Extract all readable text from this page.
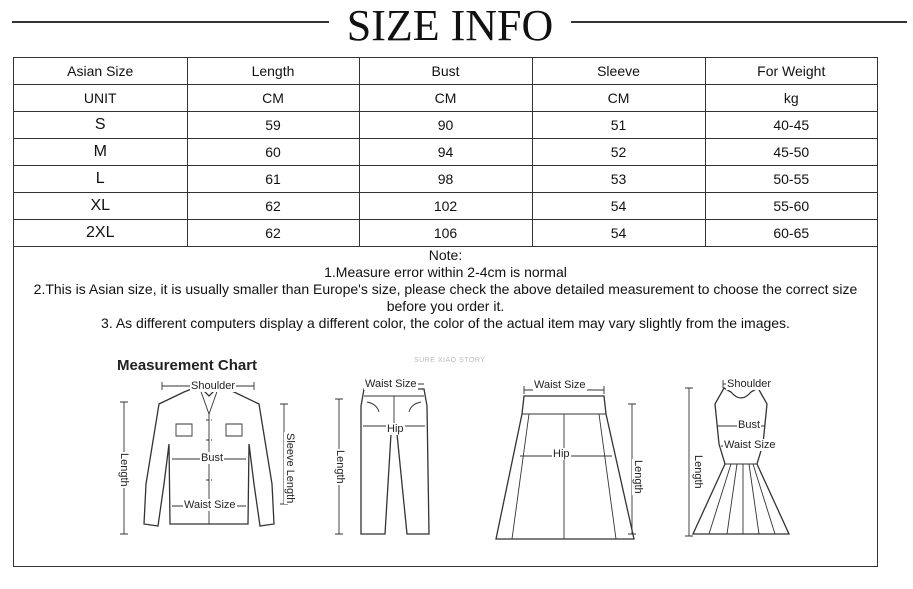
SIZE INFO
Asian Size	Length	Bust	Sleeve	For Weight
UNIT	CM	CM	CM	kg
S	59	90	51	40-45
M	60	94	52	45-50
L	61	98	53	50-55
XL	62	102	54	55-60
2XL	62	106	54	60-65
Note:
1.Measure error within 2-4cm is normal
2.This is Asian size, it is usually smaller than Europe's size, please check the above detailed measurement to choose the correct size before you order it.
3. As different computers display a different color, the color of the actual item may vary slightly from the images.
Measurement Chart	SURE XIAO STORY
Shoulder
Bust
Waist Size
Length	Sleeve Length
Waist Size
Hip
Length
Waist Size
Hip
Length
Shoulder
Bust
Waist Size
Length
